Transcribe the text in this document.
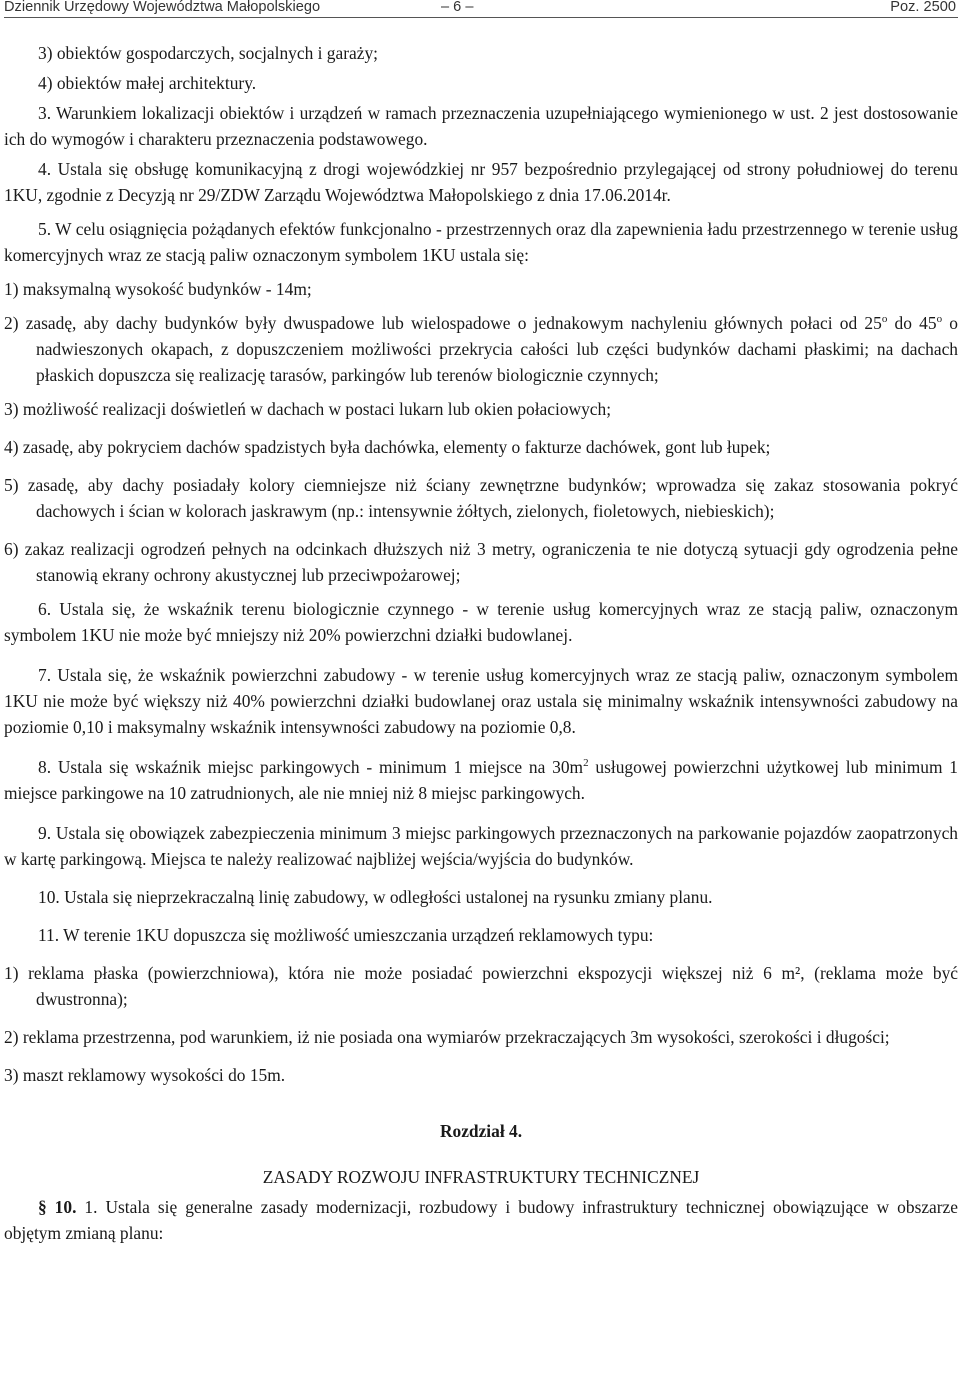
Dziennik Urzędowy Województwa Małopolskiego	– 6 –	Poz. 2500

3) obiektów gospodarczych, socjalnych i garaży;

4) obiektów małej architektury.

3. Warunkiem lokalizacji obiektów i urządzeń w ramach przeznaczenia uzupełniającego wymienionego w ust. 2 jest dostosowanie ich do wymogów i charakteru przeznaczenia podstawowego.

4. Ustala się obsługę komunikacyjną z drogi wojewódzkiej nr 957 bezpośrednio przylegającej od strony południowej do terenu 1KU, zgodnie z Decyzją nr 29/ZDW Zarządu Województwa Małopolskiego z dnia 17.06.2014r.

5. W celu osiągnięcia pożądanych efektów funkcjonalno - przestrzennych oraz dla zapewnienia ładu przestrzennego w terenie usług komercyjnych wraz ze stacją paliw oznaczonym symbolem 1KU ustala się:

1) maksymalną wysokość budynków - 14m;

2) zasadę, aby dachy budynków były dwuspadowe lub wielospadowe o jednakowym nachyleniu głównych połaci od 25$^o$ do 45$^o$ o nadwieszonych okapach, z dopuszczeniem możliwości przekrycia całości lub części budynków dachami płaskimi; na dachach płaskich dopuszcza się realizację tarasów, parkingów lub terenów biologicznie czynnych;

3) możliwość realizacji doświetleń w dachach w postaci lukarn lub okien połaciowych;

4) zasadę, aby pokryciem dachów spadzistych była dachówka, elementy o fakturze dachówek, gont lub łupek;

5) zasadę, aby dachy posiadały kolory ciemniejsze niż ściany zewnętrzne budynków; wprowadza się zakaz stosowania pokryć dachowych i ścian w kolorach jaskrawym (np.: intensywnie żółtych, zielonych, fioletowych, niebieskich);

6) zakaz realizacji ogrodzeń pełnych na odcinkach dłuższych niż 3 metry, ograniczenia te nie dotyczą sytuacji gdy ogrodzenia pełne stanowią ekrany ochrony akustycznej lub przeciwpożarowej;

6. Ustala się, że wskaźnik terenu biologicznie czynnego - w terenie usług komercyjnych wraz ze stacją paliw, oznaczonym symbolem 1KU nie może być mniejszy niż 20% powierzchni działki budowlanej.

7. Ustala się, że wskaźnik powierzchni zabudowy - w terenie usług komercyjnych wraz ze stacją paliw, oznaczonym symbolem 1KU nie może być większy niż 40% powierzchni działki budowlanej oraz ustala się minimalny wskaźnik intensywności zabudowy na poziomie 0,10 i maksymalny wskaźnik intensywności zabudowy na poziomie 0,8.

8. Ustala się wskaźnik miejsc parkingowych - minimum 1 miejsce na $30m^2$ usługowej powierzchni użytkowej lub minimum 1 miejsce parkingowe na 10 zatrudnionych, ale nie mniej niż 8 miejsc parkingowych.

9. Ustala się obowiązek zabezpieczenia minimum 3 miejsc parkingowych przeznaczonych na parkowanie pojazdów zaopatrzonych w kartę parkingową. Miejsca te należy realizować najbliżej wejścia/wyjścia do budynków.

10. Ustala się nieprzekraczalną linię zabudowy, w odległości ustalonej na rysunku zmiany planu.

11. W terenie 1KU dopuszcza się możliwość umieszczania urządzeń reklamowych typu:

1) reklama płaska (powierzchniowa), która nie może posiadać powierzchni ekspozycji większej niż 6 m², (reklama może być dwustronna);

2) reklama przestrzenna, pod warunkiem, iż nie posiada ona wymiarów przekraczających 3m wysokości, szerokości i długości;

3) maszt reklamowy wysokości do 15m.

Rozdział 4.

ZASADY ROZWOJU INFRASTRUKTURY TECHNICZNEJ

§ 10. 1. Ustala się generalne zasady modernizacji, rozbudowy i budowy infrastruktury technicznej obowiązujące w obszarze objętym zmianą planu:
